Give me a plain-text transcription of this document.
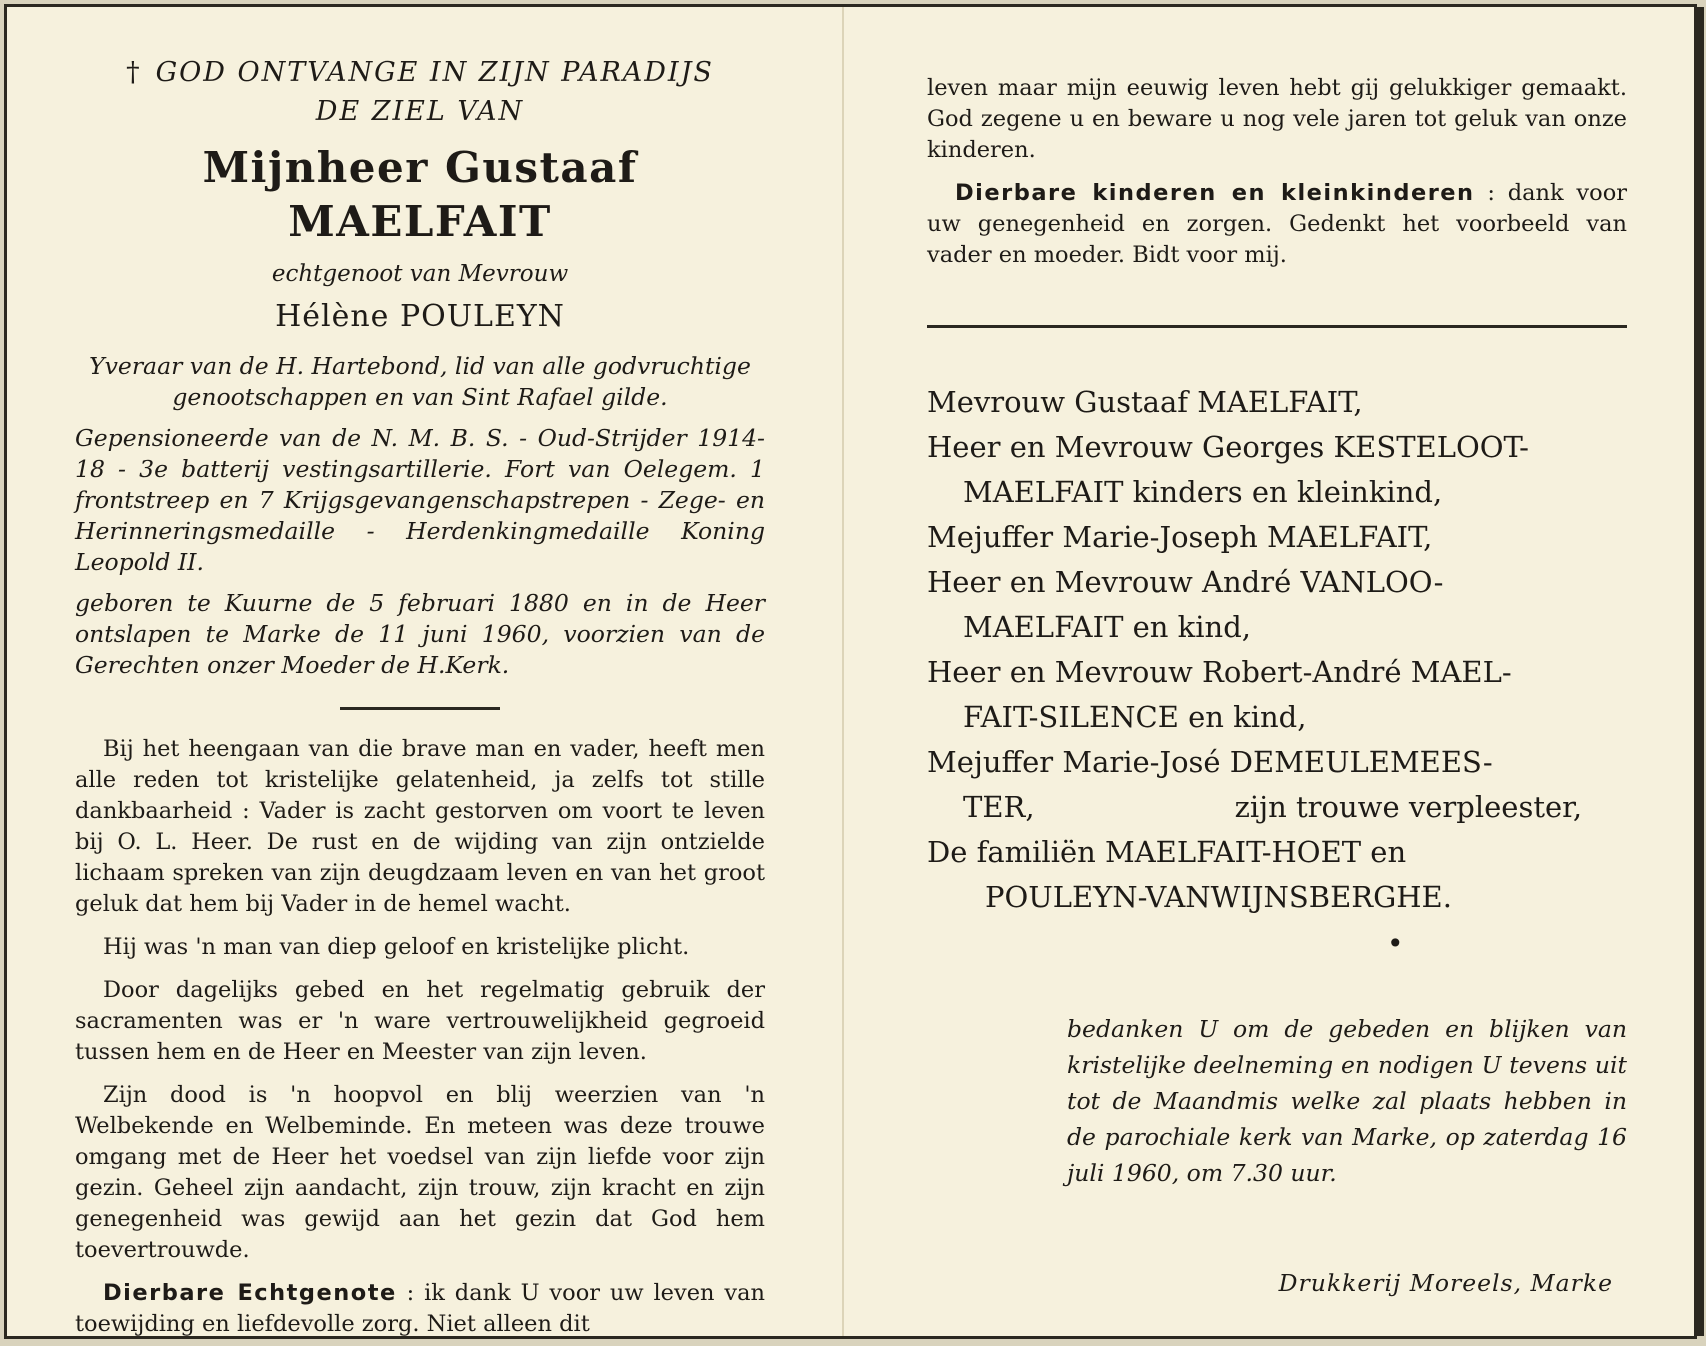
† GOD ONTVANGE IN ZIJN PARADIJS
DE ZIEL VAN
Mijnheer Gustaaf MAELFAIT
echtgenoot van Mevrouw
Hélène POULEYN
Yveraar van de H. Hartebond, lid van alle godvruchtige genootschappen en van Sint Rafael gilde.
Gepensioneerde van de N. M. B. S. - Oud-Strijder 1914-18 - 3e batterij vestingsartillerie. Fort van Oelegem. 1 frontstreep en 7 Krijgsgevangenschapstrepen - Zege- en Herinneringsmedaille - Herdenkingmedaille Koning Leopold II.
geboren te Kuurne de 5 februari 1880 en in de Heer ontslapen te Marke de 11 juni 1960, voorzien van de Gerechten onzer Moeder de H.Kerk.
Bij het heengaan van die brave man en vader, heeft men alle reden tot kristelijke gelatenheid, ja zelfs tot stille dankbaarheid : Vader is zacht gestorven om voort te leven bij O. L. Heer. De rust en de wijding van zijn ontzielde lichaam spreken van zijn deugdzaam leven en van het groot geluk dat hem bij Vader in de hemel wacht.
Hij was 'n man van diep geloof en kristelijke plicht.
Door dagelijks gebed en het regelmatig gebruik der sacramenten was er 'n ware vertrouwelijkheid gegroeid tussen hem en de Heer en Meester van zijn leven.
Zijn dood is 'n hoopvol en blij weerzien van 'n Welbekende en Welbeminde. En meteen was deze trouwe omgang met de Heer het voedsel van zijn liefde voor zijn gezin. Geheel zijn aandacht, zijn trouw, zijn kracht en zijn genegenheid was gewijd aan het gezin dat God hem toevertrouwde.
Dierbare Echtgenote : ik dank U voor uw leven van toewijding en liefdevolle zorg. Niet alleen dit
leven maar mijn eeuwig leven hebt gij gelukkiger gemaakt. God zegene u en beware u nog vele jaren tot geluk van onze kinderen.
Dierbare kinderen en kleinkinderen : dank voor uw genegenheid en zorgen. Gedenkt het voorbeeld van vader en moeder. Bidt voor mij.
Mevrouw Gustaaf MAELFAIT,
Heer en Mevrouw Georges KESTELOOT-
MAELFAIT kinders en kleinkind,
Mejuffer Marie-Joseph MAELFAIT,
Heer en Mevrouw André VANLOO-
MAELFAIT en kind,
Heer en Mevrouw Robert-André MAEL-
FAIT-SILENCE en kind,
Mejuffer Marie-José DEMEULEMEES-
TER,	zijn trouwe verpleester,
De familiën MAELFAIT-HOET en
POULEYN-VANWIJNSBERGHE.
•
bedanken U om de gebeden en blijken van kristelijke deelneming en nodigen U tevens uit tot de Maandmis welke zal plaats hebben in de parochiale kerk van Marke, op zaterdag 16 juli 1960, om 7.30 uur.
Drukkerij Moreels, Marke
